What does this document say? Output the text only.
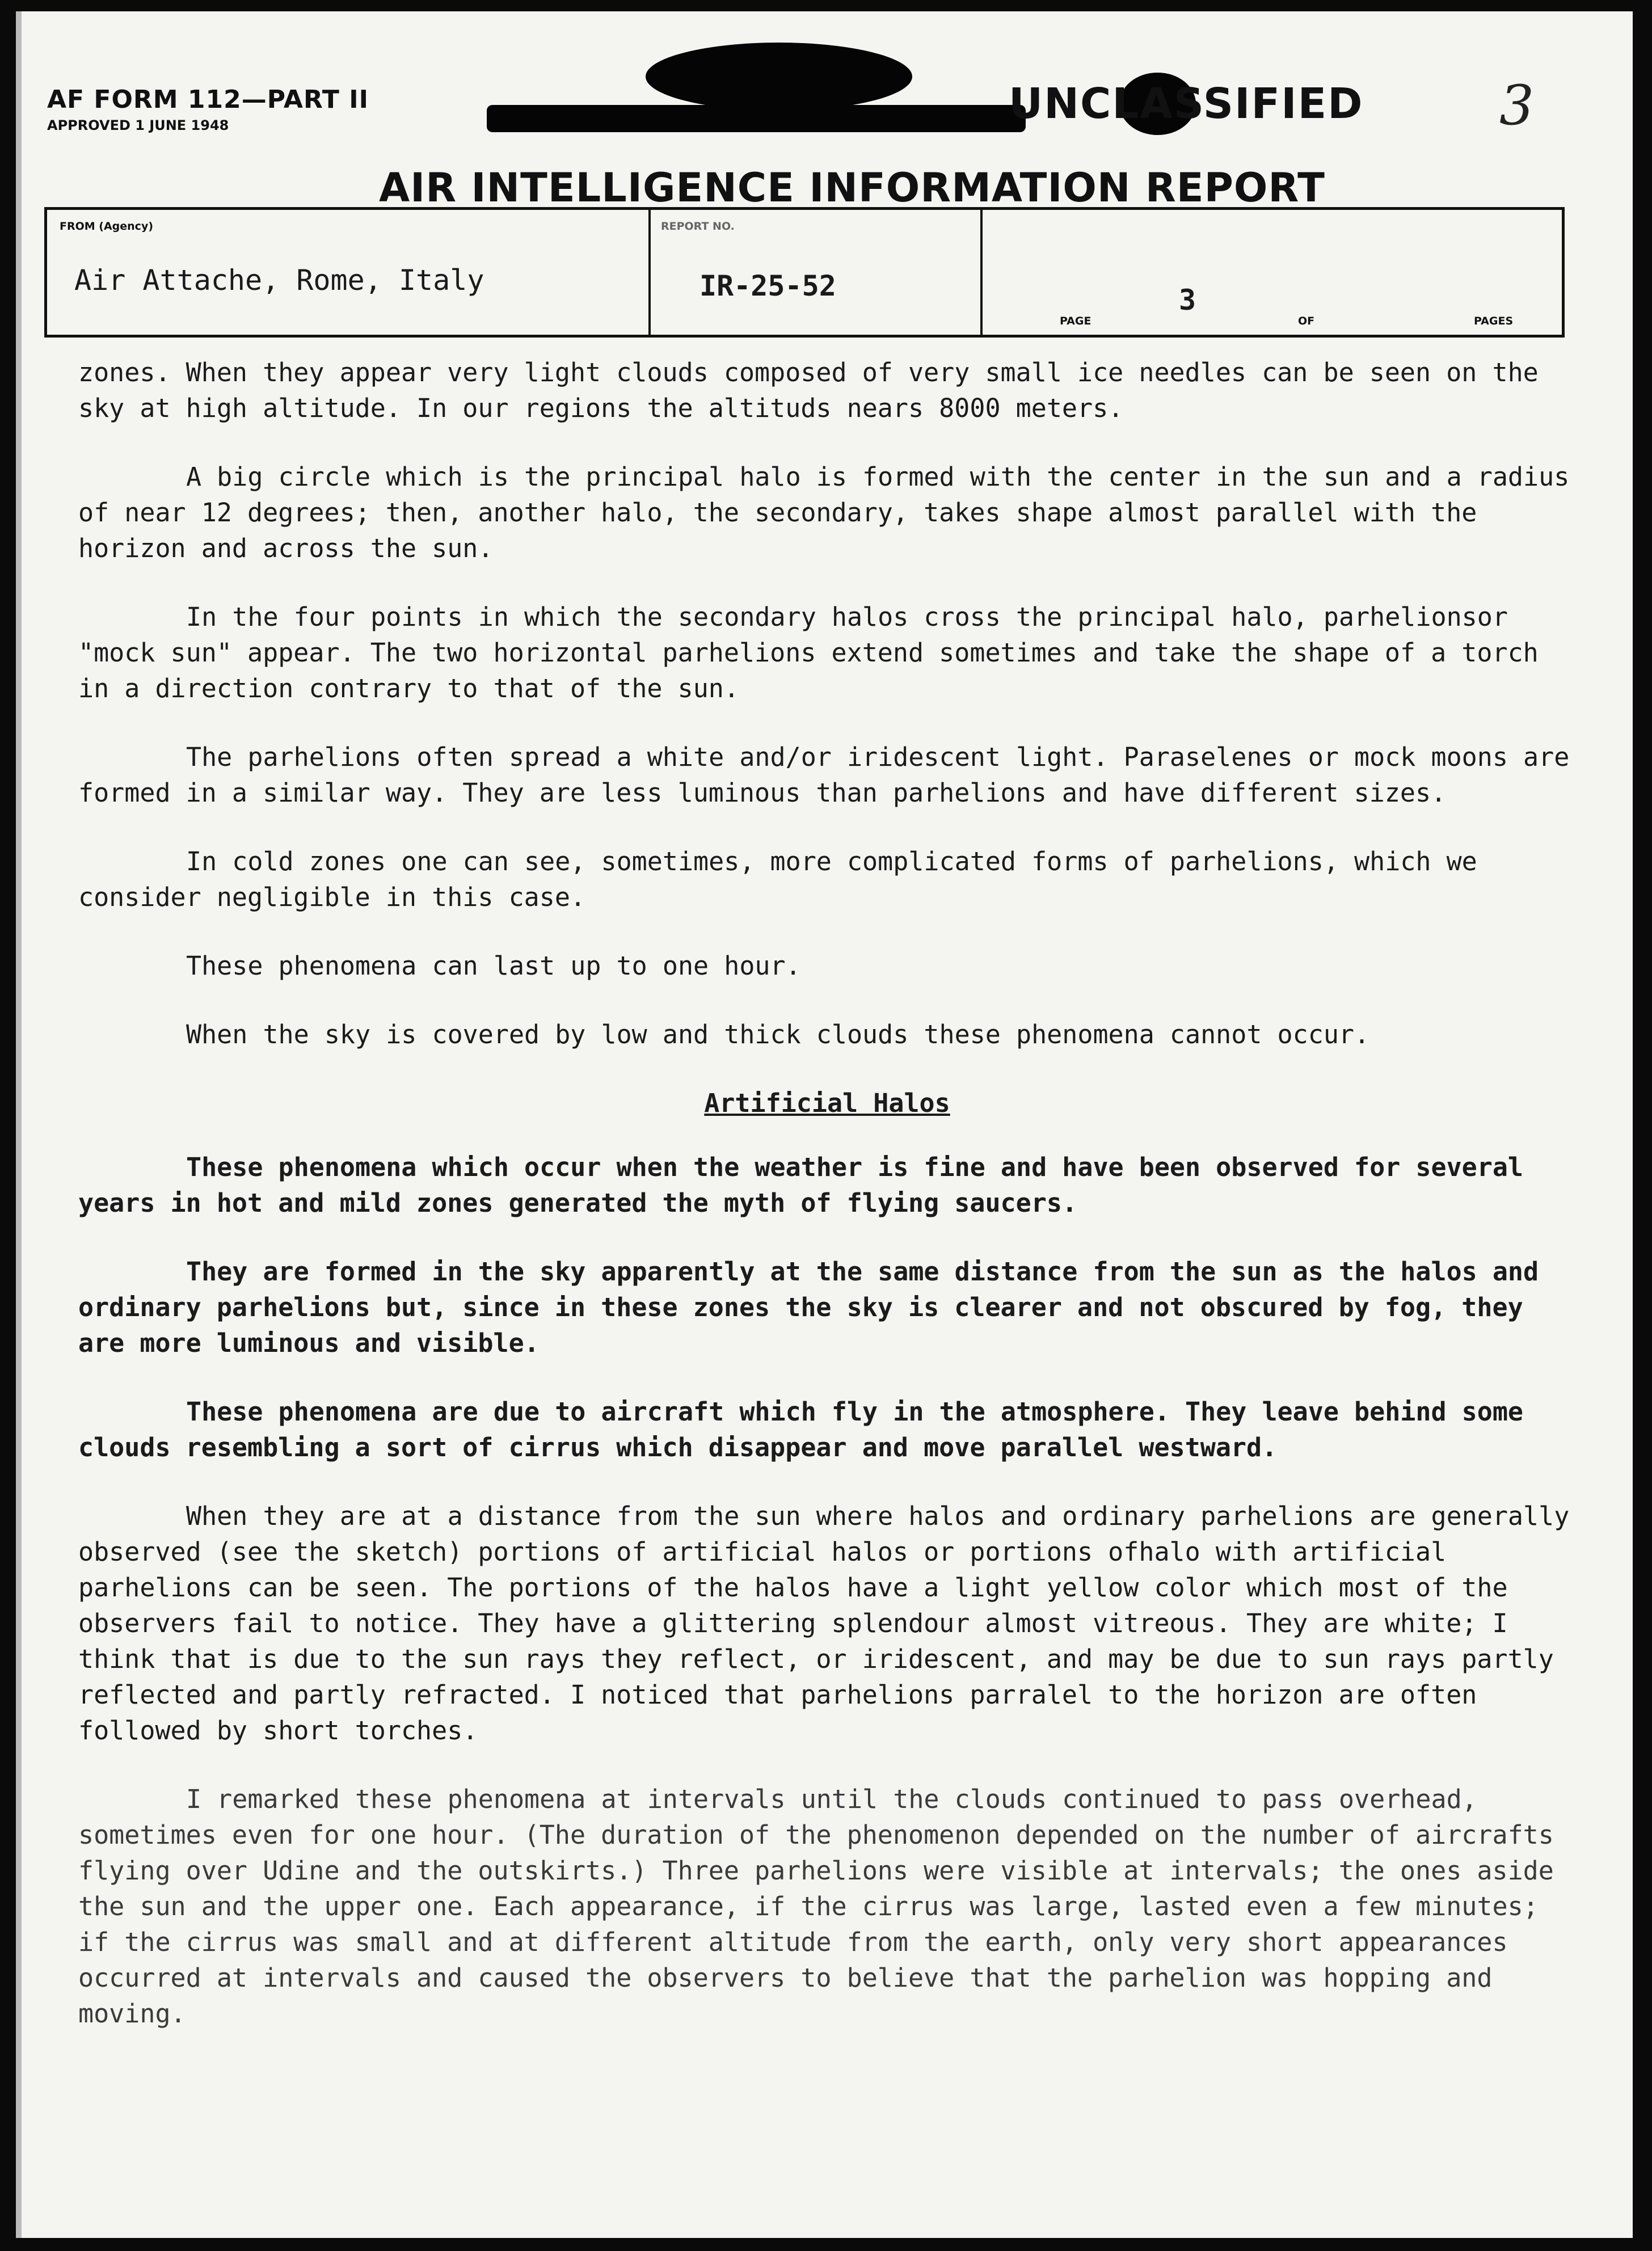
AF FORM 112—PART II
APPROVED 1 JUNE 1948	UNCLASSIFIED 3
AIR INTELLIGENCE INFORMATION REPORT
FROM (Agency)
Air Attache, Rome, Italy
REPORT NO.
IR-25-52
PAGE
3
OF	PAGES

zones. When they appear very light clouds composed of very small ice needles can be seen on the sky at high altitude. In our regions the altituds nears 8000 meters.

A big circle which is the principal halo is formed with the center in the sun and a radius of near 12 degrees; then, another halo, the secondary, takes shape almost parallel with the horizon and across the sun.

In the four points in which the secondary halos cross the principal halo, parhelionsor "mock sun" appear. The two horizontal parhelions extend sometimes and take the shape of a torch in a direction contrary to that of the sun.

The parhelions often spread a white and/or iridescent light. Paraselenes or mock moons are formed in a similar way. They are less luminous than parhelions and have different sizes.

In cold zones one can see, sometimes, more complicated forms of parhelions, which we consider negligible in this case.

These phenomena can last up to one hour.

When the sky is covered by low and thick clouds these phenomena cannot occur.

Artificial Halos

These phenomena which occur when the weather is fine and have been observed for several years in hot and mild zones generated the myth of flying saucers.

They are formed in the sky apparently at the same distance from the sun as the halos and ordinary parhelions but, since in these zones the sky is clearer and not obscured by fog, they are more luminous and visible.

These phenomena are due to aircraft which fly in the atmosphere. They leave behind some clouds resembling a sort of cirrus which disappear and move parallel westward.

When they are at a distance from the sun where halos and ordinary parhelions are generally observed (see the sketch) portions of artificial halos or portions ofhalo with artificial parhelions can be seen. The portions of the halos have a light yellow color which most of the observers fail to notice. They have a glittering splendour almost vitreous. They are white; I think that is due to the sun rays they reflect, or iridescent, and may be due to sun rays partly reflected and partly refracted. I noticed that parhelions parralel to the horizon are often followed by short torches.

I remarked these phenomena at intervals until the clouds continued to pass overhead, sometimes even for one hour. (The duration of the phenomenon depended on the number of aircrafts flying over Udine and the outskirts.) Three parhelions were visible at intervals; the ones aside the sun and the upper one. Each appearance, if the cirrus was large, lasted even a few minutes; if the cirrus was small and at different altitude from the earth, only very short appearances occurred at intervals and caused the observers to believe that the parhelion was hopping and moving.
